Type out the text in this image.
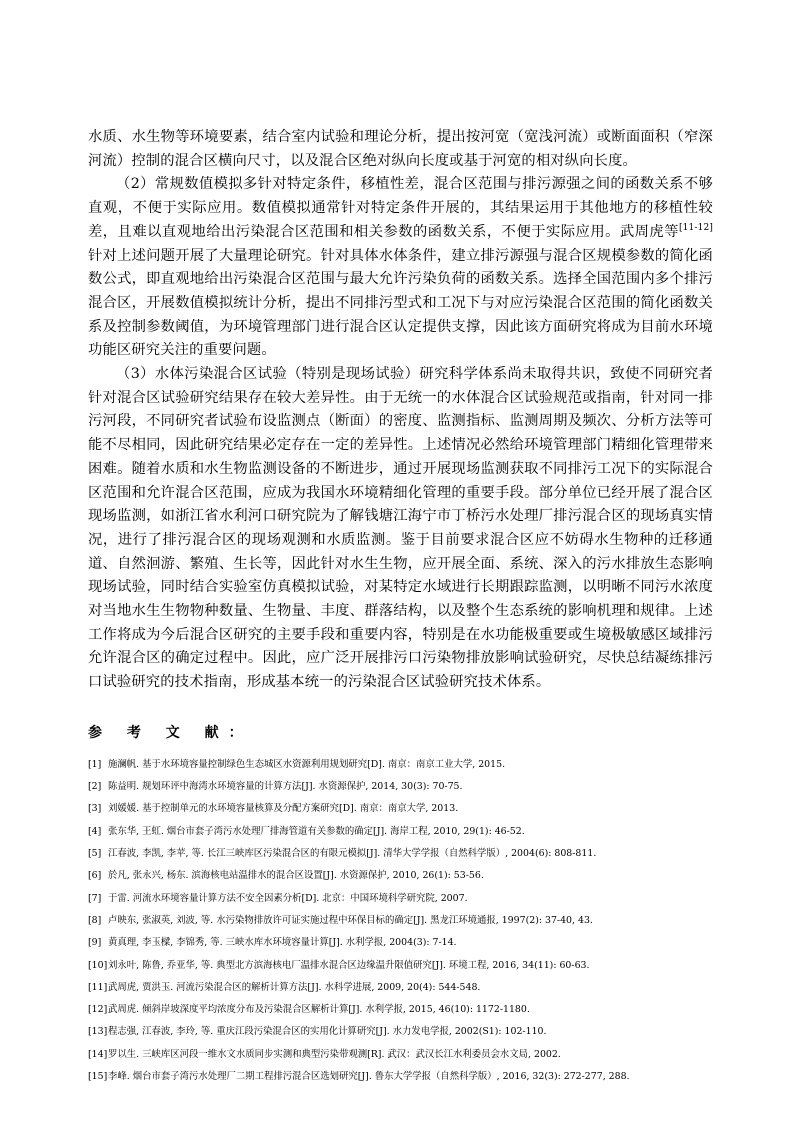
水质、水生物等环境要素，结合室内试验和理论分析，提出按河宽（宽浅河流）或断面面积（窄深河流）控制的混合区横向尺寸，以及混合区绝对纵向长度或基于河宽的相对纵向长度。

（2）常规数值模拟多针对特定条件，移植性差，混合区范围与排污源强之间的函数关系不够直观，不便于实际应用。数值模拟通常针对特定条件开展的，其结果运用于其他地方的移植性较差，且难以直观地给出污染混合区范围和相关参数的函数关系，不便于实际应用。武周虎等[11-12]针对上述问题开展了大量理论研究。针对具体水体条件，建立排污源强与混合区规模参数的简化函数公式，即直观地给出污染混合区范围与最大允许污染负荷的函数关系。选择全国范围内多个排污混合区，开展数值模拟统计分析，提出不同排污型式和工况下与对应污染混合区范围的简化函数关系及控制参数阈值，为环境管理部门进行混合区认定提供支撑，因此该方面研究将成为目前水环境功能区研究关注的重要问题。

（3）水体污染混合区试验（特别是现场试验）研究科学体系尚未取得共识，致使不同研究者针对混合区试验研究结果存在较大差异性。由于无统一的水体混合区试验规范或指南，针对同一排污河段，不同研究者试验布设监测点（断面）的密度、监测指标、监测周期及频次、分析方法等可能不尽相同，因此研究结果必定存在一定的差异性。上述情况必然给环境管理部门精细化管理带来困难。随着水质和水生物监测设备的不断进步，通过开展现场监测获取不同排污工况下的实际混合区范围和允许混合区范围，应成为我国水环境精细化管理的重要手段。部分单位已经开展了混合区现场监测，如浙江省水利河口研究院为了解钱塘江海宁市丁桥污水处理厂排污混合区的现场真实情况，进行了排污混合区的现场观测和水质监测。鉴于目前要求混合区应不妨碍水生物种的迁移通道、自然洄游、繁殖、生长等，因此针对水生生物，应开展全面、系统、深入的污水排放生态影响现场试验，同时结合实验室仿真模拟试验，对某特定水域进行长期跟踪监测，以明晰不同污水浓度对当地水生生物物种数量、生物量、丰度、群落结构，以及整个生态系统的影响机理和规律。上述工作将成为今后混合区研究的主要手段和重要内容，特别是在水功能极重要或生境极敏感区域排污允许混合区的确定过程中。因此，应广泛开展排污口污染物排放影响试验研究，尽快总结凝练排污口试验研究的技术指南，形成基本统一的污染混合区试验研究技术体系。

参 考 文 献：
[1] 施澜帆. 基于水环境容量控制绿色生态城区水资源利用规划研究[D]. 南京：南京工业大学, 2015.
[2] 陈益明. 规划环评中海湾水环境容量的计算方法[J]. 水资源保护, 2014, 30(3): 70-75.
[3] 刘媛媛. 基于控制单元的水环境容量核算及分配方案研究[D]. 南京：南京大学, 2013.
[4] 张东华, 王虹. 烟台市套子湾污水处理厂排海管道有关参数的确定[J]. 海岸工程, 2010, 29(1): 46-52.
[5] 江春波, 李凯, 李苹, 等. 长江三峡库区污染混合区的有限元模拟[J]. 清华大学学报（自然科学版）, 2004(6): 808-811.
[6] 於凡, 张永兴, 杨东. 滨海核电站温排水的混合区设置[J]. 水资源保护, 2010, 26(1): 53-56.
[7] 于雷. 河流水环境容量计算方法不安全因素分析[D]. 北京：中国环境科学研究院, 2007.
[8] 卢映东, 张淑英, 刘波, 等. 水污染物排放许可证实施过程中环保目标的确定[J]. 黑龙江环境通报, 1997(2): 37-40, 43.
[9] 黄真理, 李玉樑, 李锦秀, 等. 三峡水库水环境容量计算[J]. 水利学报, 2004(3): 7-14.
[10]刘永叶, 陈鲁, 乔亚华, 等. 典型北方滨海核电厂温排水混合区边缘温升限值研究[J]. 环境工程, 2016, 34(11): 60-63.
[11]武周虎, 贾洪玉. 河流污染混合区的解析计算方法[J]. 水科学进展, 2009, 20(4): 544-548.
[12]武周虎. 倾斜岸坡深度平均浓度分布及污染混合区解析计算[J]. 水利学报, 2015, 46(10): 1172-1180.
[13]程志强, 江春波, 李玲, 等. 重庆江段污染混合区的实用化计算研究[J]. 水力发电学报, 2002(S1): 102-110.
[14]罗以生. 三峡库区河段一维水文水质同步实测和典型污染带观测[R]. 武汉：武汉长江水利委员会水文局, 2002.
[15]李峰. 烟台市套子湾污水处理厂二期工程排污混合区选划研究[J]. 鲁东大学学报（自然科学版）, 2016, 32(3): 272-277, 288.
